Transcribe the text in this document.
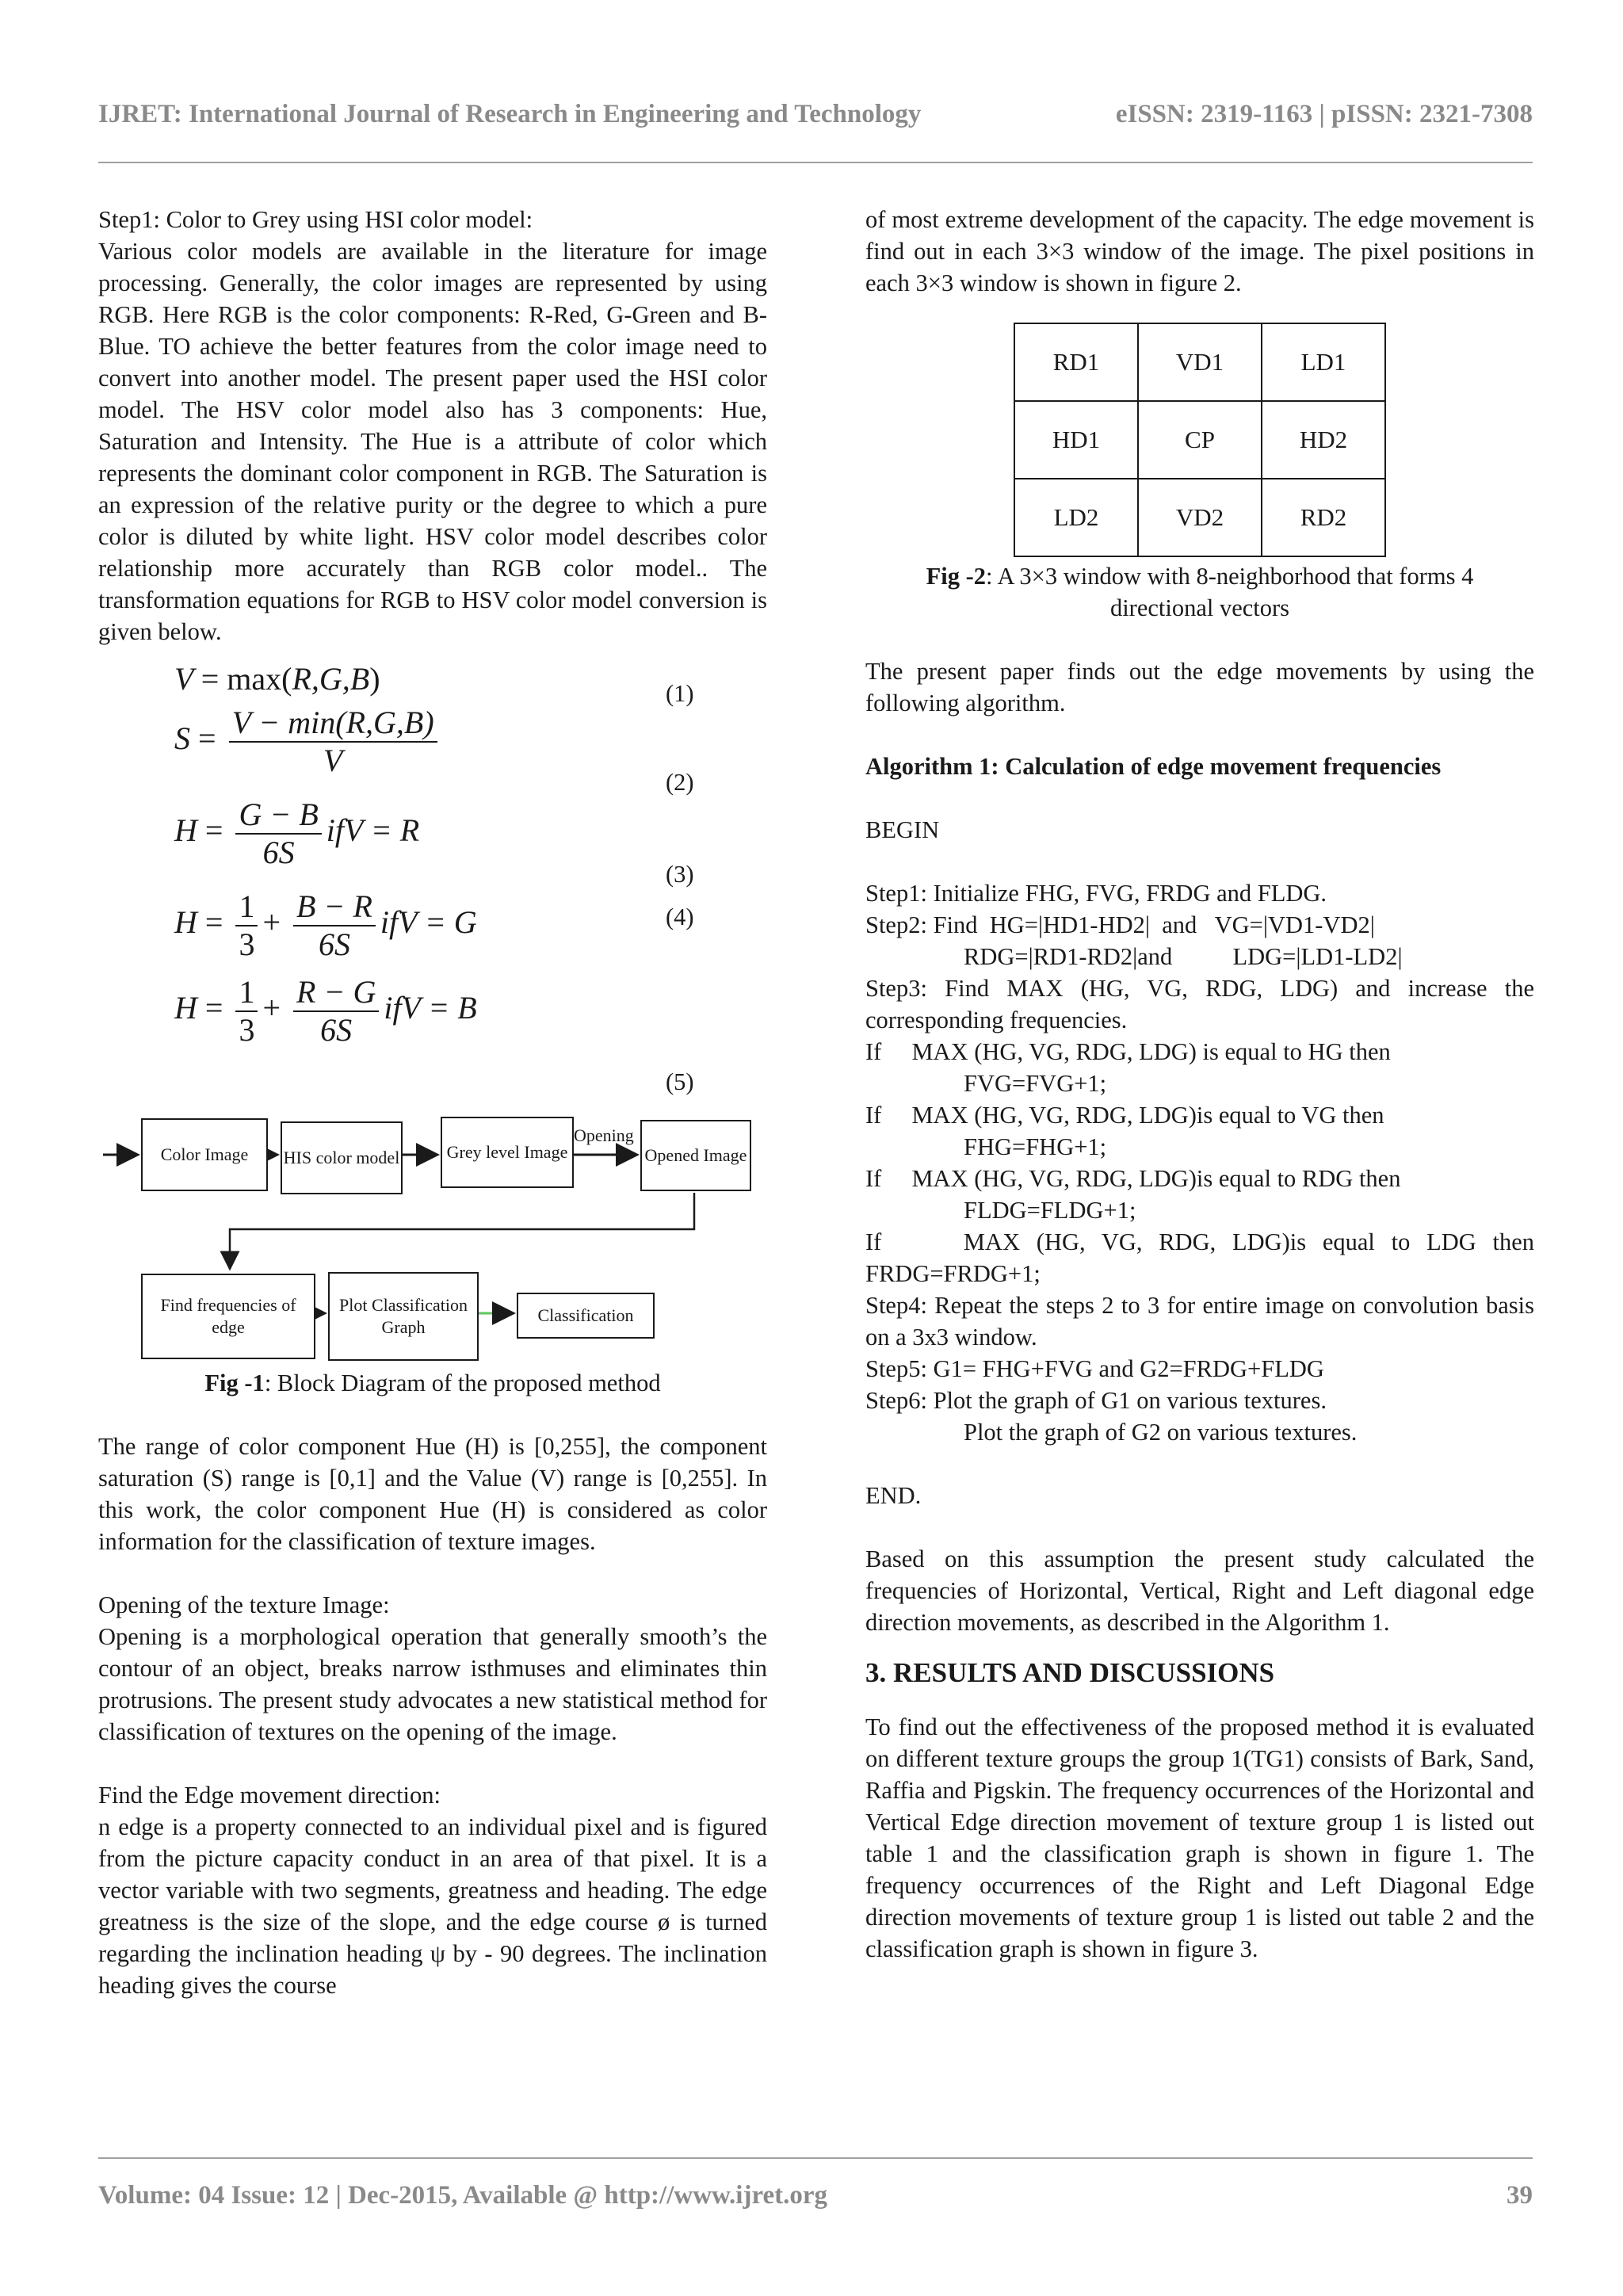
IJRET: International Journal of Research in Engineering and Technology	eISSN: 2319-1163 | pISSN: 2321-7308

Step1: Color to Grey using HSI color model:

Various color models are available in the literature for image processing. Generally, the color images are represented by using RGB. Here RGB is the color components: R-Red, G-Green and B-Blue. TO achieve the better features from the color image need to convert into another model. The present paper used the HSI color model. The HSV color model also has 3 components: Hue, Saturation and Intensity. The Hue is a attribute of color which represents the dominant color component in RGB. The Saturation is an expression of the relative purity or the degree to which a pure color is diluted by white light. HSV color model describes color relationship more accurately than RGB color model.. The transformation equations for RGB to HSV color model conversion is given below.

V = max(R,G,B)	(1)
$S = \frac{V - \min(R,G,B)}{V}$
(2)
$H = \frac{G - B}{6S}$ ifV = R
(3)
$H = \frac{1}{3} + \frac{B - R}{6S}$ ifV = G	(4)
$H = \frac{1}{3} + \frac{R - G}{6S}$ ifV = B
(5)
Color Image	HIS color model	Grey level Image
Opening
Opened Image
Find frequencies of edge
Plot Classification Graph
Classification

Fig -1: Block Diagram of the proposed method

The range of color component Hue (H) is [0,255], the component saturation (S) range is [0,1] and the Value (V) range is [0,255]. In this work, the color component Hue (H) is considered as color information for the classification of texture images.

Opening of the texture Image:

Opening is a morphological operation that generally smooth’s the contour of an object, breaks narrow isthmuses and eliminates thin protrusions. The present study advocates a new statistical method for classification of textures on the opening of the image.

Find the Edge movement direction:

n edge is a property connected to an individual pixel and is figured from the picture capacity conduct in an area of that pixel. It is a vector variable with two segments, greatness and heading. The edge greatness is the size of the slope, and the edge course ø is turned regarding the inclination heading ψ by - 90 degrees. The inclination heading gives the course

of most extreme development of the capacity. The edge movement is find out in each 3×3 window of the image. The pixel positions in each 3×3 window is shown in figure 2.

RD1	VD1	LD1
HD1	CP	HD2
LD2	VD2	RD2

Fig -2: A 3×3 window with 8-neighborhood that forms 4

directional vectors

The present paper finds out the edge movements by using the following algorithm.

Algorithm 1: Calculation of edge movement frequencies

BEGIN

Step1: Initialize FHG, FVG, FRDG and FLDG.

Step2: Find  HG=|HD1-HD2|  and   VG=|VD1-VD2|

RDG=|RD1-RD2|and          LDG=|LD1-LD2|

Step3: Find MAX (HG, VG, RDG, LDG) and increase the corresponding frequencies.

If     MAX (HG, VG, RDG, LDG) is equal to HG then

FVG=FVG+1;

If     MAX (HG, VG, RDG, LDG)is equal to VG then

FHG=FHG+1;

If     MAX (HG, VG, RDG, LDG)is equal to RDG then

FLDG=FLDG+1;

If     MAX (HG, VG, RDG, LDG)is equal to LDG then FRDG=FRDG+1;

Step4: Repeat the steps 2 to 3 for entire image on convolution basis on a 3x3 window.

Step5: G1= FHG+FVG and G2=FRDG+FLDG

Step6: Plot the graph of G1 on various textures.

Plot the graph of G2 on various textures.

END.

Based on this assumption the present study calculated the frequencies of Horizontal, Vertical, Right and Left diagonal edge direction movements, as described in the Algorithm 1.

3. RESULTS AND DISCUSSIONS

To find out the effectiveness of the proposed method it is evaluated on different texture groups the group 1(TG1) consists of Bark, Sand, Raffia and Pigskin. The frequency occurrences of the Horizontal and Vertical Edge direction movement of texture group 1 is listed out table 1 and the classification graph is shown in figure 1. The frequency occurrences of the Right and Left Diagonal Edge direction movements of texture group 1 is listed out table 2 and the classification graph is shown in figure 3.

Volume: 04 Issue: 12 | Dec-2015, Available @ http://www.ijret.org	39
